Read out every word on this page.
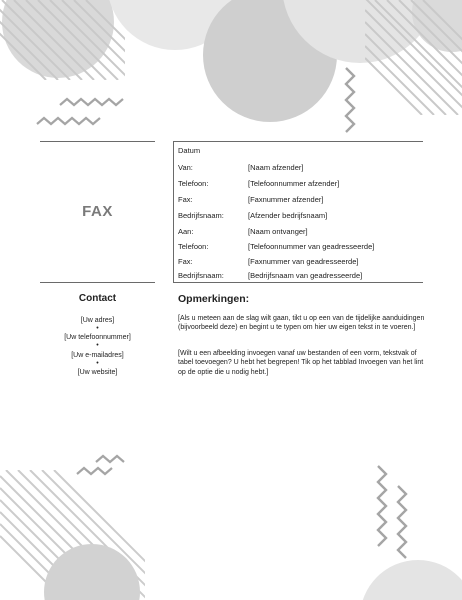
FAX
Datum
Van:	[Naam afzender]
Telefoon:	[Telefoonnummer afzender]
Fax:	[Faxnummer afzender]
Bedrijfsnaam:	[Afzender bedrijfsnaam]
Aan:	[Naam ontvanger]
Telefoon:	[Telefoonnummer van geadresseerde]
Fax:	[Faxnummer van geadresseerde]
Bedrijfsnaam:	[Bedrijfsnaam van geadresseerde]
Contact
[Uw adres]
•
[Uw telefoonnummer]
•
[Uw e-mailadres]
•
[Uw website]
Opmerkingen:
[Als u meteen aan de slag wilt gaan, tikt u op een van de tijdelijke aanduidingen (bijvoorbeeld deze) en begint u te typen om hier uw eigen tekst in te voeren.]
[Wilt u een afbeelding invoegen vanaf uw bestanden of een vorm, tekstvak of tabel toevoegen? U hebt het begrepen! Tik op het tabblad Invoegen van het lint op de optie die u nodig hebt.]
